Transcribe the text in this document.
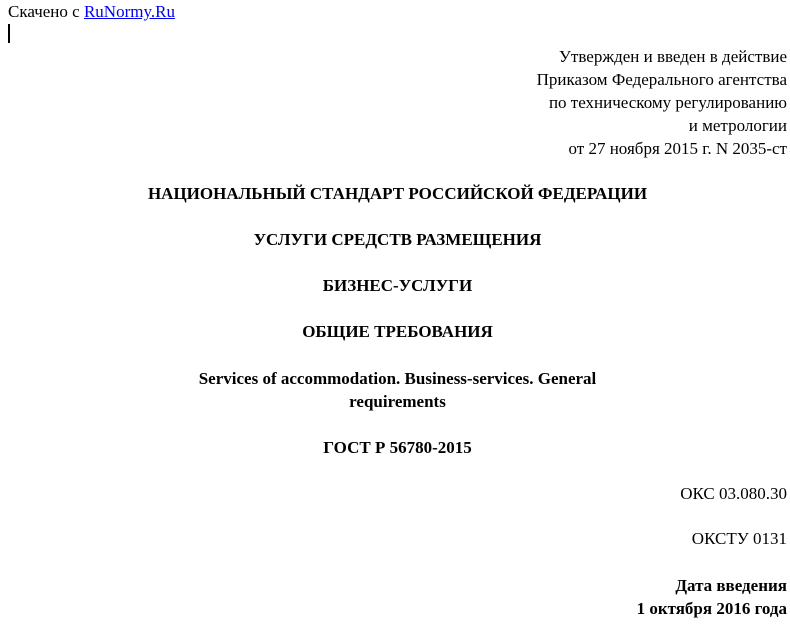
Скачено с RuNormy.Ru
Утвержден и введен в действие
Приказом Федерального агентства
по техническому регулированию
и метрологии
от 27 ноября 2015 г. N 2035-ст
НАЦИОНАЛЬНЫЙ СТАНДАРТ РОССИЙСКОЙ ФЕДЕРАЦИИ
УСЛУГИ СРЕДСТВ РАЗМЕЩЕНИЯ
БИЗНЕС-УСЛУГИ
ОБЩИЕ ТРЕБОВАНИЯ
Services of accommodation. Business-services. General
requirements
ГОСТ Р 56780-2015
ОКС 03.080.30
ОКСТУ 0131
Дата введения
1 октября 2016 года
